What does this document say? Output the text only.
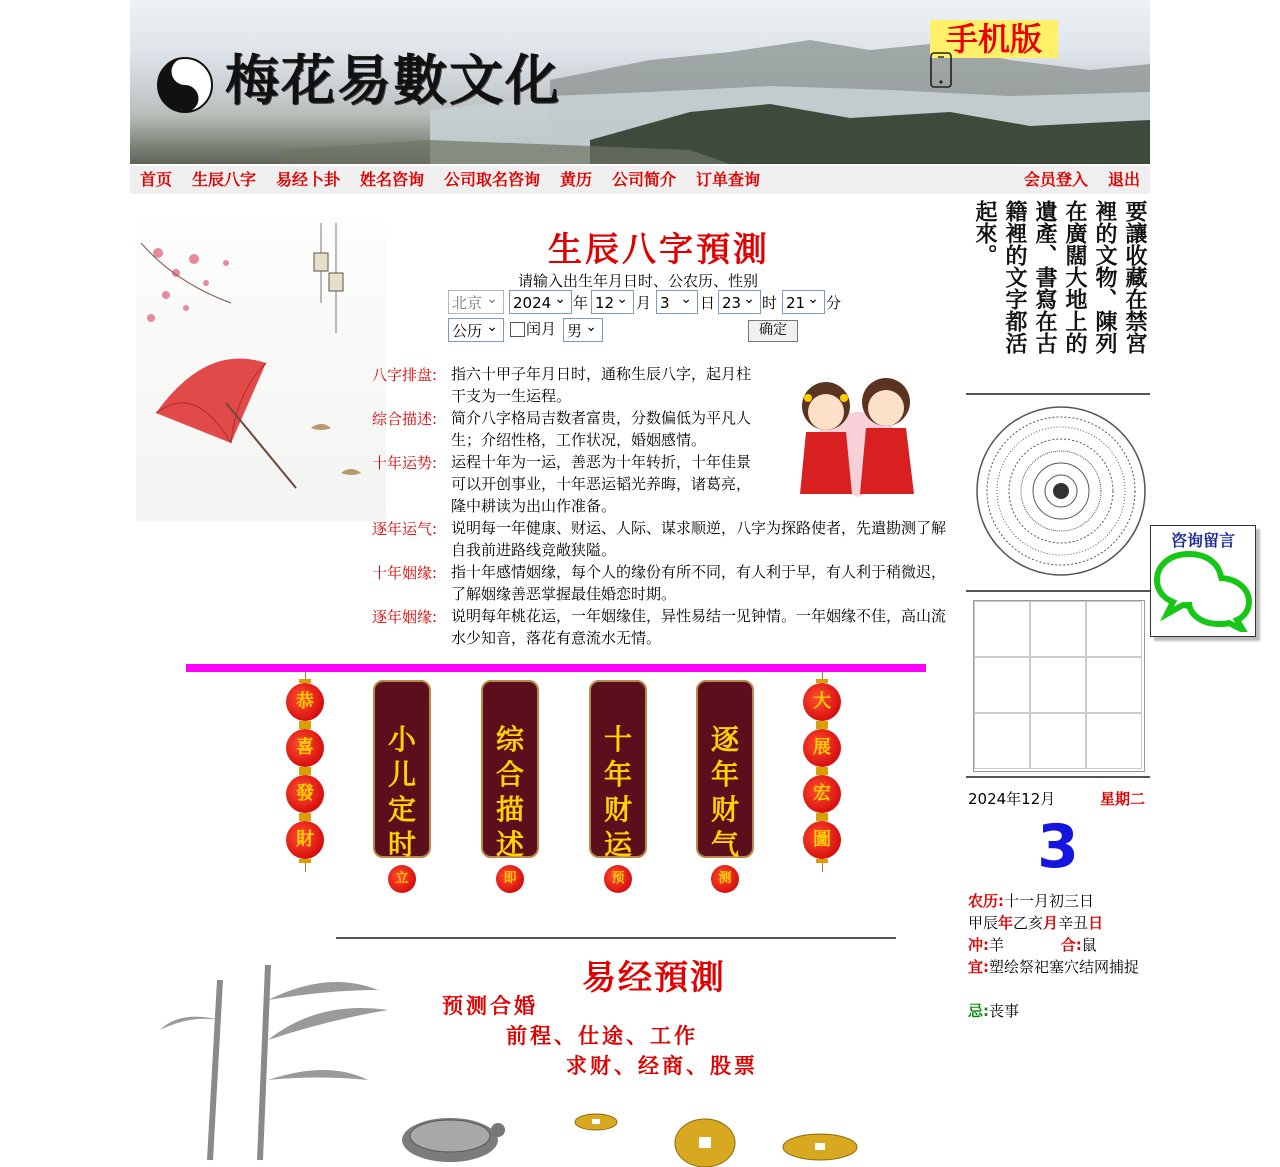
梅花易數文化
手机版
首页 生辰八字 易经卜卦 姓名咨询 公司取名咨询 黄历 公司简介 订单查询	会员登入 退出
生辰八字預測
请输入出生年月日时、公农历、性别
北京 ⌄	2024 ⌄	年 12 ⌄	月 3 ⌄	日 23 ⌄	时 21 ⌄	分
公历 ⌄	闰月 男 ⌄	确定
八字排盘: 指六十甲子年月日时，通称生辰八字，起月柱干支为一生运程。
综合描述: 简介八字格局吉数者富贵，分数偏低为平凡人生；介绍性格，工作状况，婚姻感情。
十年运势: 运程十年为一运，善恶为十年转折，十年佳景可以开创事业，十年恶运韬光养晦，诸葛亮，隆中耕读为出山作准备。
逐年运气: 说明每一年健康、财运、人际、谋求顺逆，八字为探路使者，先遣勘测了解自我前进路线竞敞狭隘。
十年姻缘: 指十年感情姻缘，每个人的缘份有所不同，有人利于早，有人利于稍微迟，了解姻缘善恶掌握最佳婚恋时期。
逐年姻缘: 说明每年桃花运，一年姻缘佳，异性易结一见钟情。一年姻缘不佳，高山流水少知音，落花有意流水无情。
恭
喜
發
財
大
展
宏
圖
小
儿
定
时
立
综
合
描
述
即
十
年
财
运
预
逐
年
财
气
测
易经預測
预测合婚
前程、仕途、工作
求财、经商、股票
要讓收藏在禁宮
裡的文物、陳列
在廣闊大地上的
遺產、書寫在古
籍裡的文字都活
起來。
2024年12月	星期二
3
农历:十一月初三日
甲辰年乙亥月辛丑日
冲:羊	合:鼠
宜:塑绘祭祀塞穴结网捕捉
忌:丧事
咨询留言
